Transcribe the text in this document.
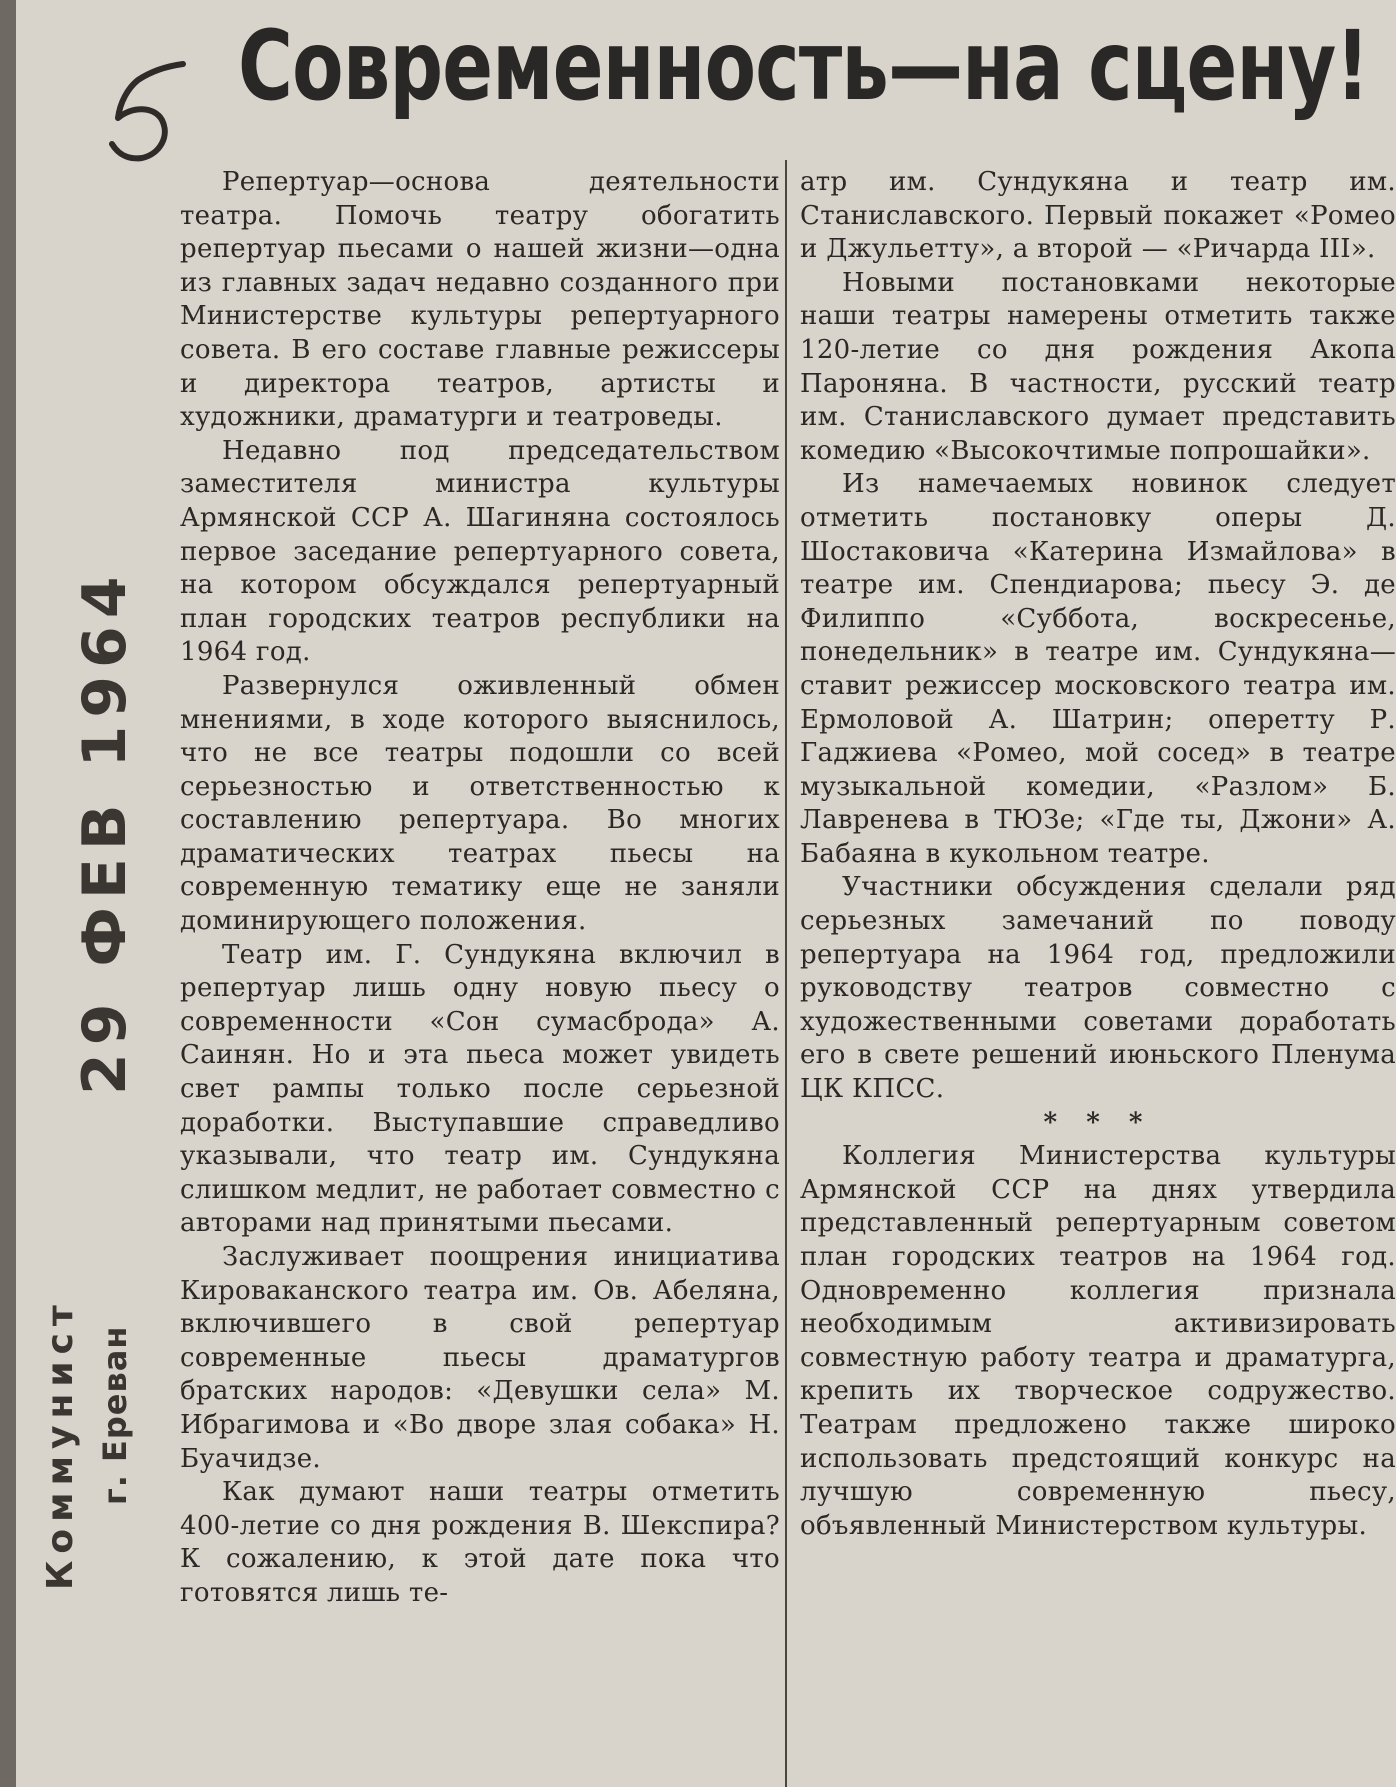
Современность—на сцену!
29 ФЕВ 1964
Коммунист г. Ереван

Репертуар—основа деятельности театра. Помочь театру обогатить репертуар пьесами о нашей жизни—одна из главных задач недавно созданного при Министерстве культуры репертуарного совета. В его составе главные режиссеры и директора театров, артисты и художники, драматурги и театроведы.

Недавно под председательством заместителя министра культуры Армянской ССР А. Шагиняна состоялось первое заседание репертуарного совета, на котором обсуждался репертуарный план городских театров республики на 1964 год.

Развернулся оживленный обмен мнениями, в ходе которого выяснилось, что не все театры подошли со всей серьезностью и ответственностью к составлению репертуара. Во многих драматических театрах пьесы на современную тематику еще не заняли доминирующего положения.

Театр им. Г. Сундукяна включил в репертуар лишь одну новую пьесу о современности «Сон сумасброда» А. Саинян. Но и эта пьеса может увидеть свет рампы только после серьезной доработки. Выступавшие справедливо указывали, что театр им. Сундукяна слишком медлит, не работает совместно с авторами над принятыми пьесами.

Заслуживает поощрения инициатива Кироваканского театра им. Ов. Абеляна, включившего в свой репертуар современные пьесы драматургов братских народов: «Девушки села» М. Ибрагимова и «Во дворе злая собака» Н. Буачидзе.

Как думают наши театры отметить 400-летие со дня рождения В. Шекспира? К сожалению, к этой дате пока что готовятся лишь те-

атр им. Сундукяна и театр им. Станиславского. Первый покажет «Ромео и Джульетту», а второй — «Ричарда III».

Новыми постановками некоторые наши театры намерены отметить также 120-летие со дня рождения Акопа Пароняна. В частности, русский театр им. Станиславского думает представить комедию «Высокочтимые попрошайки».

Из намечаемых новинок следует отметить постановку оперы Д. Шостаковича «Катерина Измайлова» в театре им. Спендиарова; пьесу Э. де Филиппо «Суббота, воскресенье, понедельник» в театре им. Сундукяна—ставит режиссер московского театра им. Ермоловой А. Шатрин; оперетту Р. Гаджиева «Ромео, мой сосед» в театре музыкальной комедии, «Разлом» Б. Лавренева в ТЮЗе; «Где ты, Джони» А. Бабаяна в кукольном театре.

Участники обсуждения сделали ряд серьезных замечаний по поводу репертуара на 1964 год, предложили руководству театров совместно с художественными советами доработать его в свете решений июньского Пленума ЦК КПСС.

* * *

Коллегия Министерства культуры Армянской ССР на днях утвердила представленный репертуарным советом план городских театров на 1964 год. Одновременно коллегия признала необходимым активизировать совместную работу театра и драматурга, крепить их творческое содружество. Театрам предложено также широко использовать предстоящий конкурс на лучшую современную пьесу, объявленный Министерством культуры.
